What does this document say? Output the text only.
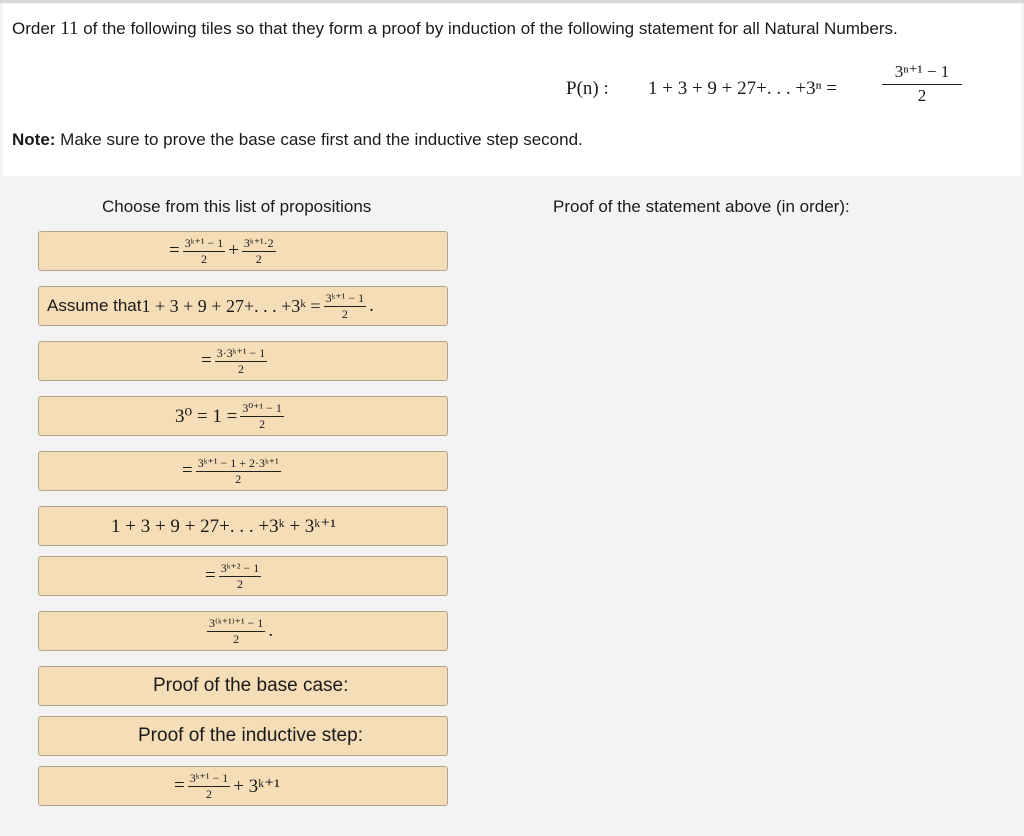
Order 11 of the following tiles so that they form a proof by induction of the following statement for all Natural Numbers.
P(n) : 1 + 3 + 9 + 27+. . . +3ⁿ =	$\frac{\text{3ⁿ⁺¹ − 1}}{2}$
Note: Make sure to prove the base case first and the inductive step second.
Choose from this list of propositions	Proof of the statement above (in order):
= $\frac{\text{3ᵏ⁺¹ − 1}}{2} + \frac{\text{3ᵏ⁺¹·2}}{2}$
Assume that 1 + 3 + 9 + 27+. . . +3ᵏ = $\frac{\text{3ᵏ⁺¹ − 1}}{2}$ .
= $\frac{\text{3·3ᵏ⁺¹ − 1}}{2}$
$3^0 = 1 = \frac{\text{3⁰⁺¹ − 1}}{2}$
= $\frac{\text{3ᵏ⁺¹ − 1 + 2·3ᵏ⁺¹}}{2}$
1 + 3 + 9 + 27+. . . +3ᵏ + 3ᵏ⁺¹
= $\frac{\text{3ᵏ⁺² − 1}}{2}$
3⁽ᵏ⁺¹⁾⁺¹ − 1
2 .
Proof of the base case:
Proof of the inductive step:
= $\frac{\text{3ᵏ⁺¹ − 1}}{2}$ + 3ᵏ⁺¹
